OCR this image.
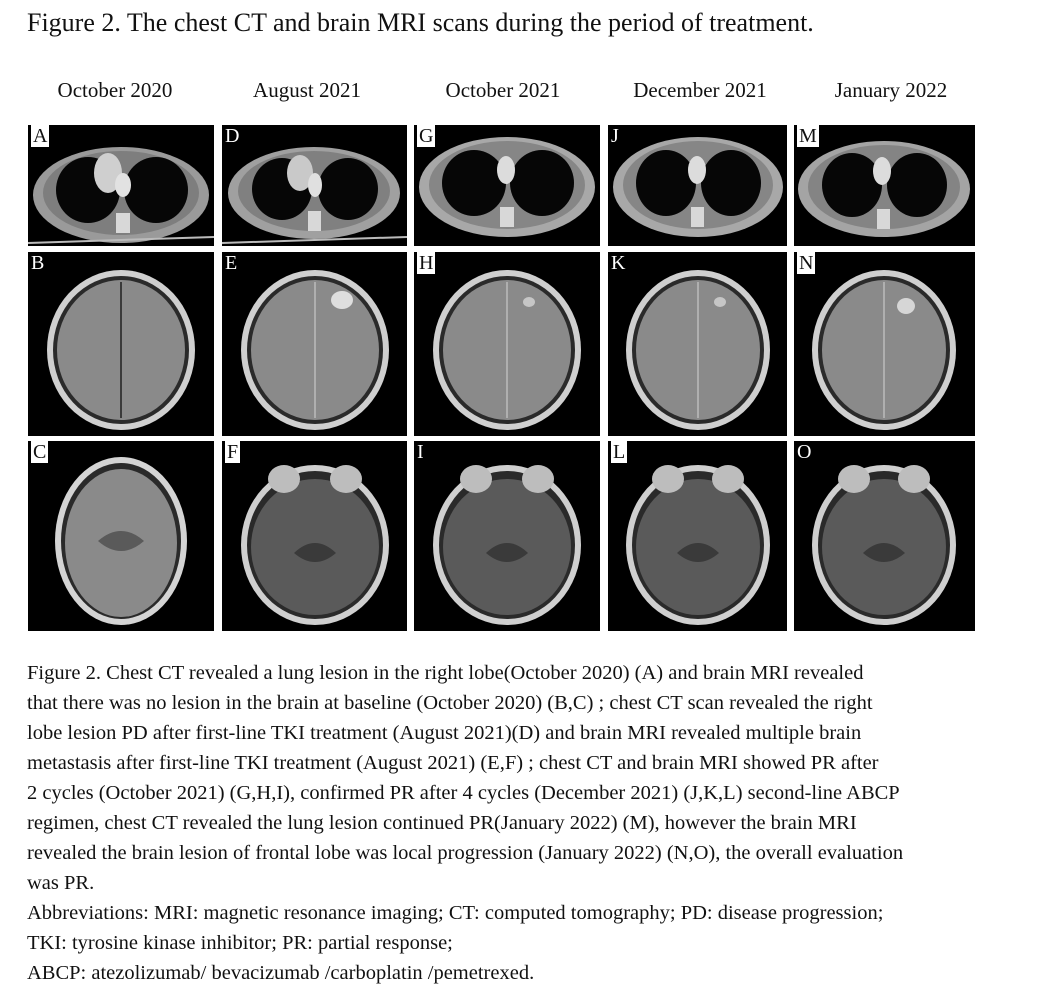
Figure 2. The chest CT and brain MRI scans during the period of treatment.
October 2020	August 2021	October 2021	December 2021	January 2022
A	D	G	J	M
B	E	H	K	N
C	F	I	L	O

Figure 2. Chest CT revealed a lung lesion in the right lobe(October 2020) (A) and brain MRI revealed

that there was no lesion in the brain at baseline (October 2020) (B,C) ; chest CT scan revealed the right

lobe lesion PD after first-line TKI treatment (August 2021)(D) and brain MRI revealed multiple brain

metastasis after first-line TKI treatment (August 2021) (E,F) ; chest CT and brain MRI showed PR after

2 cycles (October 2021) (G,H,I), confirmed PR after 4 cycles (December 2021) (J,K,L) second-line ABCP

regimen, chest CT revealed the lung lesion continued PR(January 2022) (M), however the brain MRI

revealed the brain lesion of frontal lobe was local progression (January 2022) (N,O), the overall evaluation

was PR.

Abbreviations: MRI: magnetic resonance imaging; CT: computed tomography; PD: disease progression;

TKI: tyrosine kinase inhibitor; PR: partial response;

ABCP: atezolizumab/ bevacizumab /carboplatin /pemetrexed.
